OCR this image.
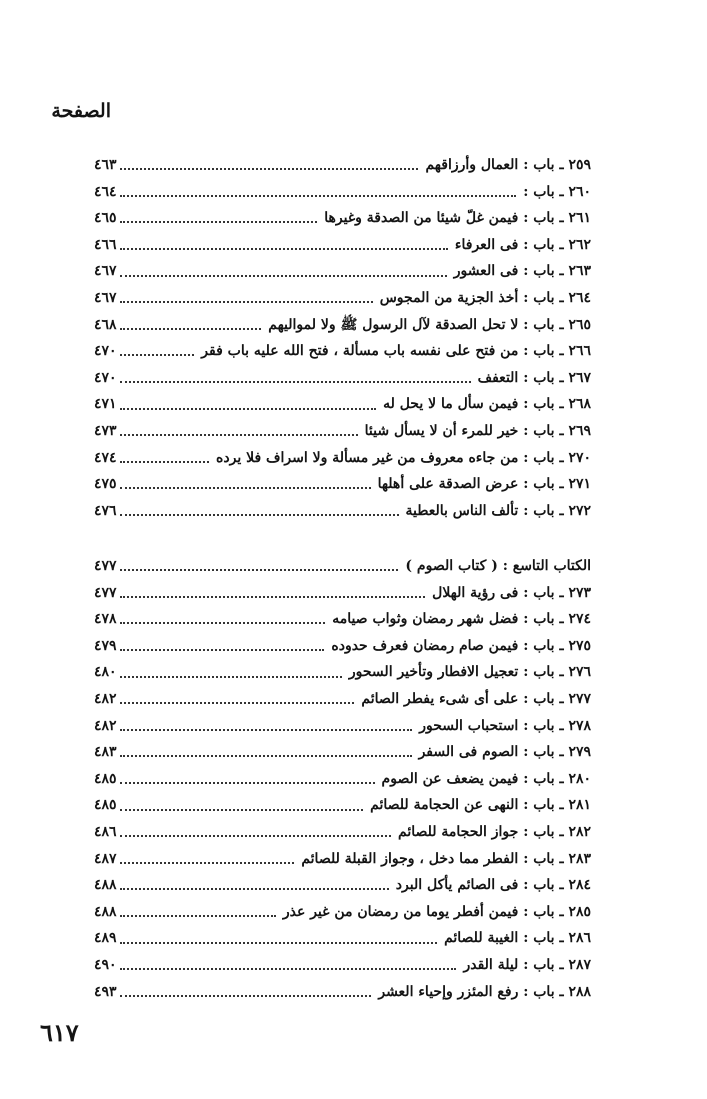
الصفحة
٢٥٩ ـ باب : العمال وأرزاقهم
٤٦٣
٢٦٠ ـ باب :
٤٦٤
٢٦١ ـ باب : فيمن غلّ شيئا من الصدقة وغيرها
٤٦٥
٢٦٢ ـ باب : فى العرفاء
٤٦٦
٢٦٣ ـ باب : فى العشور
٤٦٧
٢٦٤ ـ باب : أخذ الجزية من المجوس
٤٦٧
٢٦٥ ـ باب : لا تحل الصدقة لآل الرسول ﷺ ولا لمواليهم
٤٦٨
٢٦٦ ـ باب : من فتح على نفسه باب مسألة ، فتح الله عليه باب فقر
٤٧٠
٢٦٧ ـ باب : التعفف
٤٧٠
٢٦٨ ـ باب : فيمن سأل ما لا يحل له
٤٧١
٢٦٩ ـ باب : خير للمرء أن لا يسأل شيئا
٤٧٣
٢٧٠ ـ باب : من جاءه معروف من غير مسألة ولا اسراف فلا يرده
٤٧٤
٢٧١ ـ باب : عرض الصدقة على أهلها
٤٧٥
٢٧٢ ـ باب : تألف الناس بالعطية
٤٧٦
الكتاب التاسع : ( كتاب الصوم )
٤٧٧
٢٧٣ ـ باب : فى رؤية الهلال
٤٧٧
٢٧٤ ـ باب : فضل شهر رمضان وثواب صيامه
٤٧٨
٢٧٥ ـ باب : فيمن صام رمضان فعرف حدوده
٤٧٩
٢٧٦ ـ باب : تعجيل الافطار وتأخير السحور
٤٨٠
٢٧٧ ـ باب : على أى شىء يفطر الصائم
٤٨٢
٢٧٨ ـ باب : استحباب السحور
٤٨٢
٢٧٩ ـ باب : الصوم فى السفر
٤٨٣
٢٨٠ ـ باب : فيمن يضعف عن الصوم
٤٨٥
٢٨١ ـ باب : النهى عن الحجامة للصائم
٤٨٥
٢٨٢ ـ باب : جواز الحجامة للصائم
٤٨٦
٢٨٣ ـ باب : الفطر مما دخل ، وجواز القبلة للصائم
٤٨٧
٢٨٤ ـ باب : فى الصائم يأكل البرد
٤٨٨
٢٨٥ ـ باب : فيمن أفطر يوما من رمضان من غير عذر
٤٨٨
٢٨٦ ـ باب : الغيبة للصائم
٤٨٩
٢٨٧ ـ باب : ليلة القدر
٤٩٠
٢٨٨ ـ باب : رفع المئزر وإحياء العشر
٤٩٣
٦١٧
